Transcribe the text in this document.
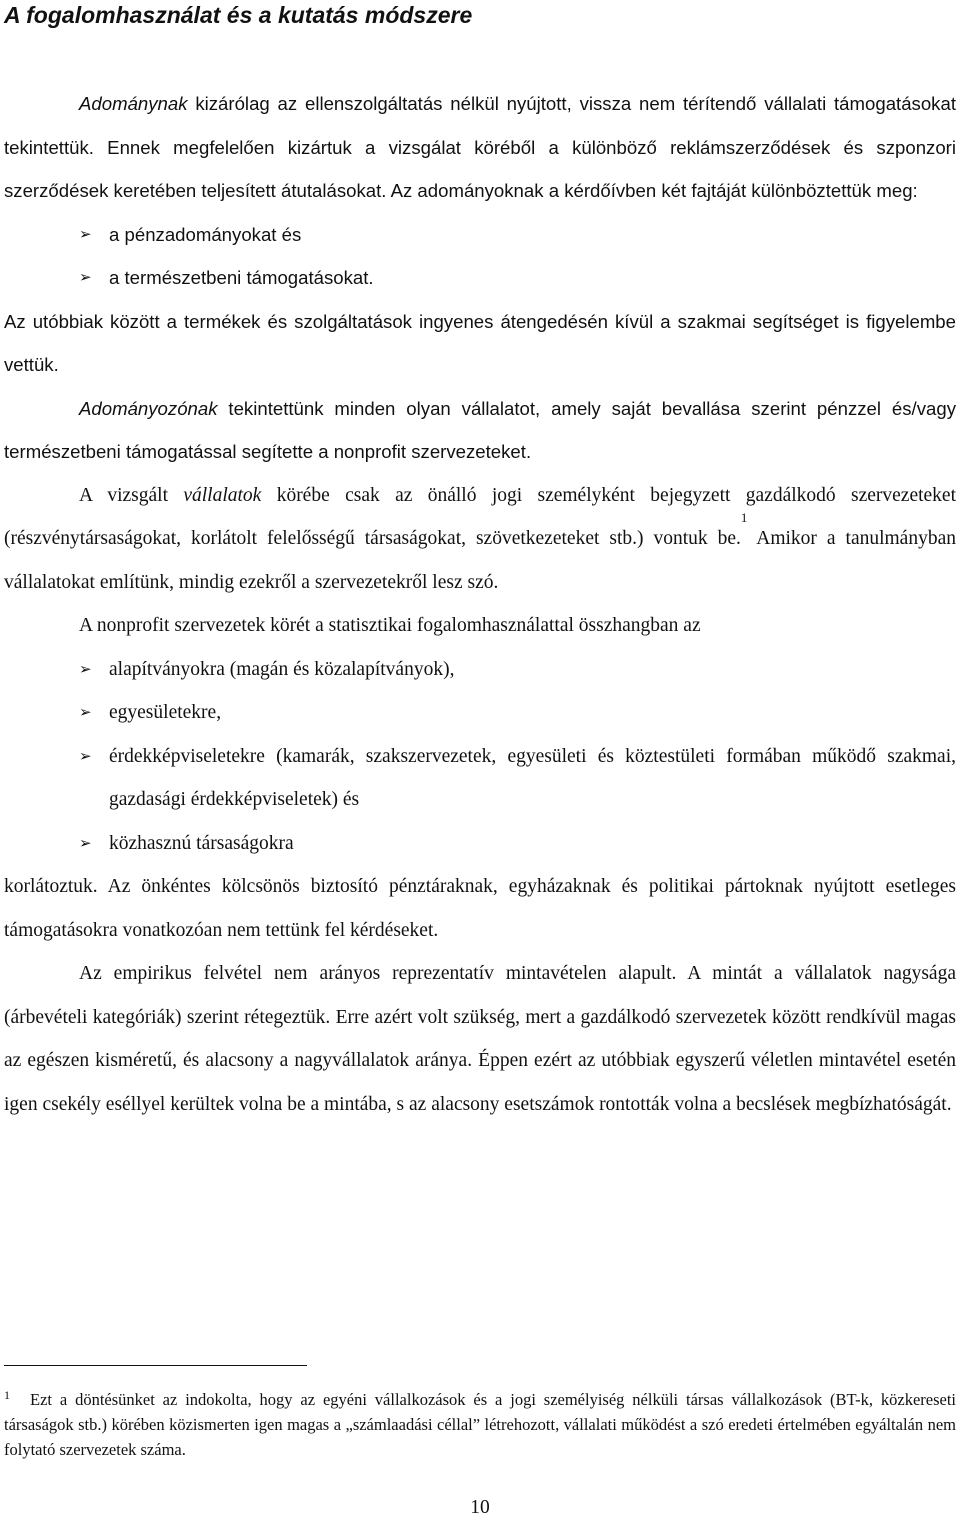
A fogalomhasználat és a kutatás módszere

Adománynak kizárólag az ellenszolgáltatás nélkül nyújtott, vissza nem térítendő vállalati támogatásokat tekintettük. Ennek megfelelően kizártuk a vizsgálat köréből a különböző reklámszerződések és szponzori szerződések keretében teljesített átutalásokat. Az adományoknak a kérdőívben két fajtáját különböztettük meg:

➢ a pénzadományokat és
➢ a természetbeni támogatásokat.

Az utóbbiak között a termékek és szolgáltatások ingyenes átengedésén kívül a szakmai segítséget is figyelembe vettük.

Adományozónak tekintettünk minden olyan vállalatot, amely saját bevallása szerint pénzzel és/vagy természetbeni támogatással segítette a nonprofit szervezeteket.

A vizsgált vállalatok körébe csak az önálló jogi személyként bejegyzett gazdálkodó szervezeteket (részvénytársaságokat, korlátolt felelősségű társaságokat, szövetkezeteket stb.) vontuk be.$^1$ Amikor a tanulmányban vállalatokat említünk, mindig ezekről a szervezetekről lesz szó.

A nonprofit szervezetek körét a statisztikai fogalomhasználattal összhangban az

➢ alapítványokra (magán és közalapítványok),
➢ egyesületekre,
➢ érdekképviseletekre (kamarák, szakszervezetek, egyesületi és köztestületi formában működő szakmai, gazdasági érdekképviseletek) és
➢ közhasznú társaságokra

korlátoztuk. Az önkéntes kölcsönös biztosító pénztáraknak, egyházaknak és politikai pártoknak nyújtott esetleges támogatásokra vonatkozóan nem tettünk fel kérdéseket.

Az empirikus felvétel nem arányos reprezentatív mintavételen alapult. A mintát a vállalatok nagysága (árbevételi kategóriák) szerint rétegeztük. Erre azért volt szükség, mert a gazdálkodó szervezetek között rendkívül magas az egészen kisméretű, és alacsony a nagyvállalatok aránya. Éppen ezért az utóbbiak egyszerű véletlen mintavétel esetén igen csekély eséllyel kerültek volna be a mintába, s az alacsony esetszámok rontották volna a becslések megbízhatóságát.

$^1$ Ezt a döntésünket az indokolta, hogy az egyéni vállalkozások és a jogi személyiség nélküli társas vállalkozások (BT-k, közkereseti társaságok stb.) körében közismerten igen magas a „számlaadási céllal” létrehozott, vállalati működést a szó eredeti értelmében egyáltalán nem folytató szervezetek száma.

10
